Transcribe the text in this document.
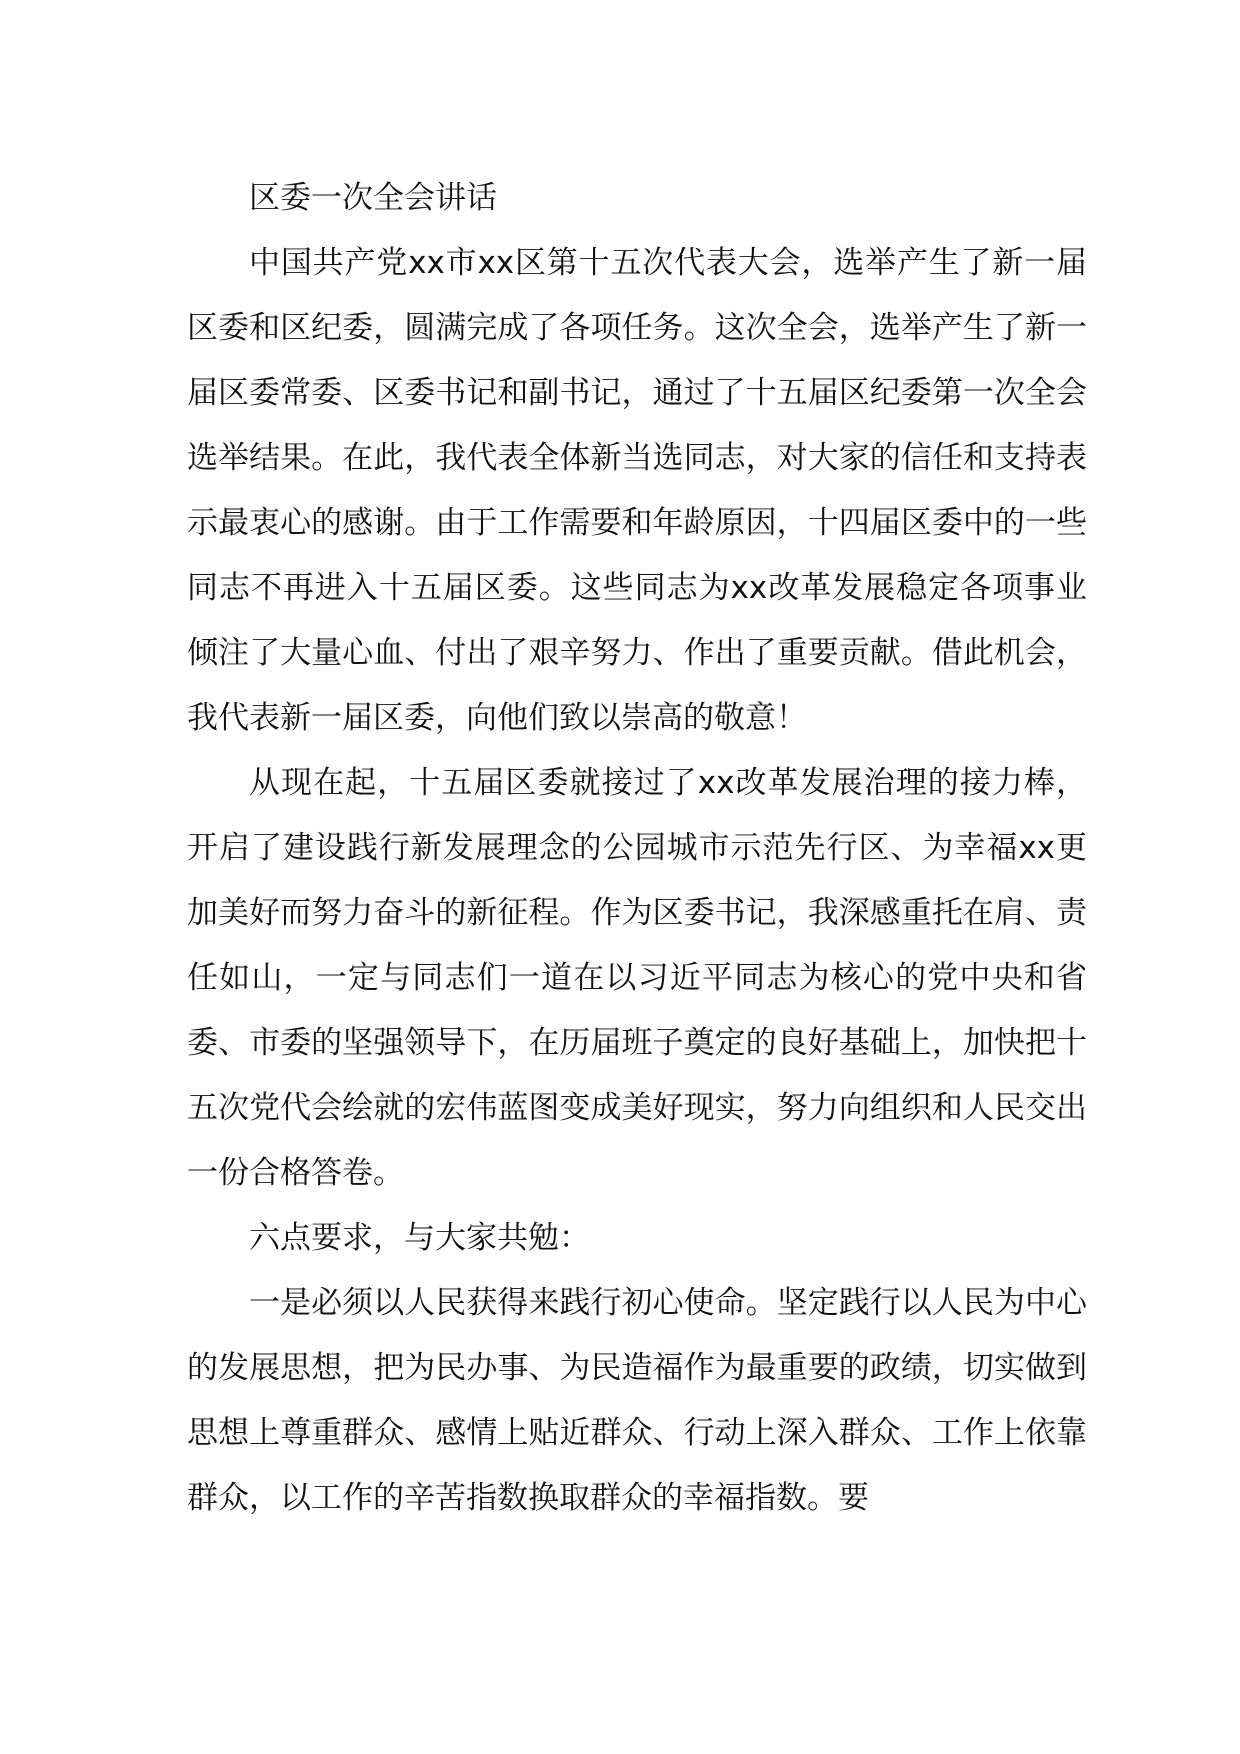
区委一次全会讲话

中国共产党xx市xx区第十五次代表大会，选举产生了新一届区委和区纪委，圆满完成了各项任务。这次全会，选举产生了新一届区委常委、区委书记和副书记，通过了十五届区纪委第一次全会选举结果。在此，我代表全体新当选同志，对大家的信任和支持表示最衷心的感谢。由于工作需要和年龄原因，十四届区委中的一些同志不再进入十五届区委。这些同志为xx改革发展稳定各项事业倾注了大量心血、付出了艰辛努力、作出了重要贡献。借此机会，我代表新一届区委，向他们致以崇高的敬意！

从现在起，十五届区委就接过了xx改革发展治理的接力棒，开启了建设践行新发展理念的公园城市示范先行区、为幸福xx更加美好而努力奋斗的新征程。作为区委书记，我深感重托在肩、责任如山，一定与同志们一道在以习近平同志为核心的党中央和省委、市委的坚强领导下，在历届班子奠定的良好基础上，加快把十五次党代会绘就的宏伟蓝图变成美好现实，努力向组织和人民交出一份合格答卷。

六点要求，与大家共勉：

一是必须以人民获得来践行初心使命。坚定践行以人民为中心的发展思想，把为民办事、为民造福作为最重要的政绩，切实做到思想上尊重群众、感情上贴近群众、行动上深入群众、工作上依靠群众，以工作的辛苦指数换取群众的幸福指数。要
